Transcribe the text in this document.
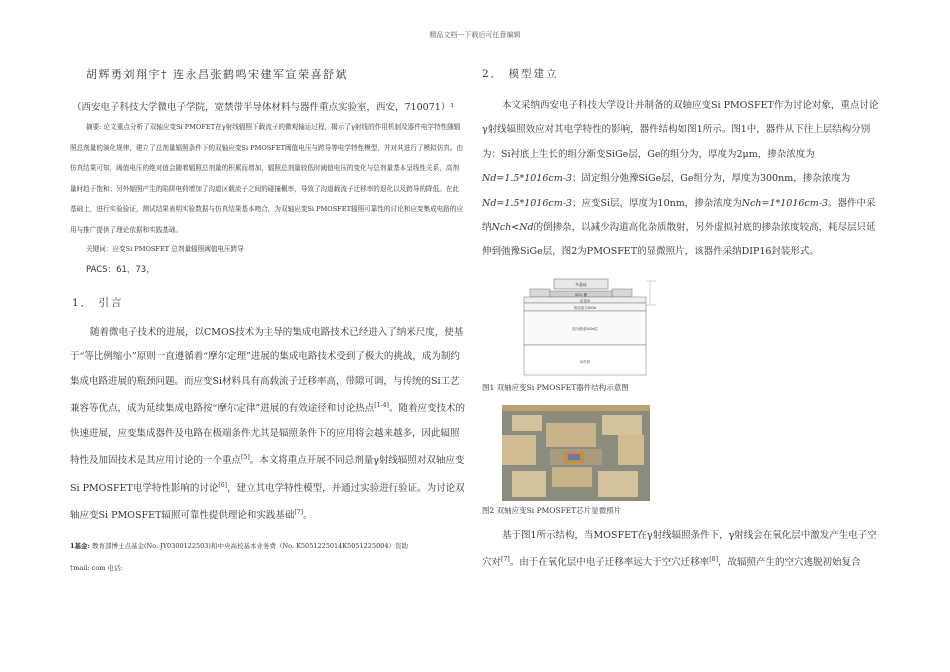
精品文档---下载后可任意编辑
胡辉勇刘翔宇† 连永昌张鹤鸣宋建军宣荣喜舒斌
（西安电子科技大学微电子学院，宽禁带半导体材料与器件重点实验室，西安，710071）¹
摘要: 论文重点分析了双轴应变Si PMOFET在γ射线辐照下载流子的微观输运过程，揭示了γ射线的作用机制及器件电学特性随辐照总剂量的演化规律，建立了总剂量辐照条件下的双轴应变Si PMOSFET阈值电压与跨导等电学特性模型，并对其进行了模拟仿真。由仿真结果可知，阈值电压的绝对值会随着辐照总剂量的积累而增加，辐照总剂量较低时阈值电压的变化与总剂量基本呈线性关系，高剂量时趋于饱和；另外辐照产生的陷阱电荷增加了沟道区载流子之间的碰撞概率，导致了沟道载流子迁移率的退化以及跨导的降低。在此基础上，进行实验验证，测试结果表明实验数据与仿真结果基本吻合，为双轴应变Si PMOSFET辐照可靠性的讨论和应变集成电路的应用与推广提供了理论依据和实践基础。
关键词：应变Si PMOSFET 总剂量辐照阈值电压跨导
PACS：61，73，
1． 引言
随着微电子技术的进展，以CMOS技术为主导的集成电路技术已经进入了纳米尺度，使基于“等比例缩小”原则一直遵循着“摩尔定理”进展的集成电路技术受到了极大的挑战，成为制约集成电路进展的瓶颈问题。而应变Si材料具有高载流子迁移率高，带隙可调，与传统的Si工艺兼容等优点，成为延续集成电路按“摩尔定律”进展的有效途径和讨论热点[1-4]。随着应变技术的快速进展，应变集成器件及电路在极端条件尤其是辐照条件下的应用将会越来越多，因此辐照特性及加固技术是其应用讨论的一个重点[5]。本文将重点开展不同总剂量γ射线辐照对双轴应变Si PMOSFET电学特性影响的讨论[6]，建立其电学特性模型，并通过实验进行验证。为讨论双轴应变Si PMOSFET辐照可靠性提供理论和实践基础[7]。
1基金: 教育部博士点基金(No. JY0300122503)和中央高校基本业务费（No. K5051225014K5051225004）资助
†mail: com 电话:
2． 模型建立
本文采纳西安电子科技大学设计并制备的双轴应变Si PMOSFET作为讨论对象，重点讨论γ射线辐照效应对其电学特性的影响，器件结构如图1所示。图1中，器件从下往上层结构分别为：Si衬底上生长的组分渐变SiGe层，Ge的组分为，厚度为2μm，掺杂浓度为
Nd=1.5*1016cm-3；固定组分弛豫SiGe层，Ge组分为，厚度为300nm，掺杂浓度为
Nd=1.5*1016cm-3；应变Si层，厚度为10nm，掺杂浓度为Nch=1*1016cm-3。器件中采纳Nch<Nd的倒掺杂，以减少沟道高化杂质散射，另外虚拟衬底的掺杂浓度较高，耗尽层只延伸到弛豫SiGe层，图2为PMOSFET的显微照片，该器件采纳DIP16封装形式。
多晶硅
SiO₂ 栅
应变Si
固定组分SiGe
组分渐变SiGe层
Si衬底
图1 双轴应变Si PMOSFET器件结构示意图
图2 双轴应变Si PMOSFET芯片显微照片
基于图1所示结构，当MOSFET在γ射线辐照条件下，γ射线会在氧化层中激发产生电子空穴对[7]。由于在氧化层中电子迁移率远大于空穴迁移率[8]，故辐照产生的空穴逃脱初始复合
